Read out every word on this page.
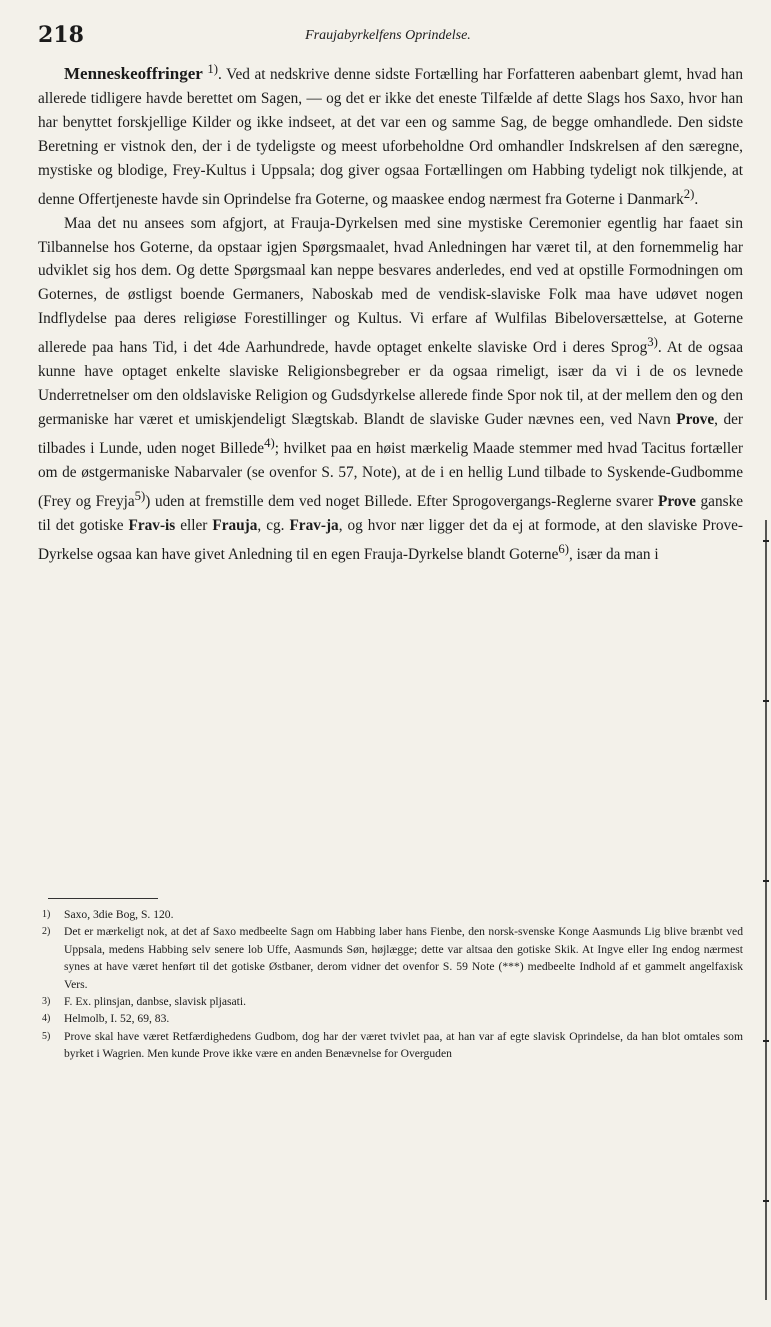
218	Fraujabyrkelfens Oprindelse.

Menneskeoffringer $^{1)}$. Ved at nedskrive denne sidste Fortælling har Forfatteren aabenbart glemt, hvad han allerede tidligere havde berettet om Sagen, — og det er ikke det eneste Tilfælde af dette Slags hos Saxo, hvor han har benyttet forskjellige Kilder og ikke indseet, at det var een og samme Sag, de begge omhandlede. Den sidste Beretning er vistnok den, der i de tydeligste og meest uforbeholdne Ord omhandler Indskrelsen af den særegne, mystiske og blodige, Frey-Kultus i Uppsala; dog giver ogsaa Fortællingen om Habbing tydeligt nok tilkjende, at denne Offertjeneste havde sin Oprindelse fra Goterne, og maaskee endog nærmest fra Goterne i Danmark$^{2)}$.

Maa det nu ansees som afgjort, at Frauja-Dyrkelsen med sine mystiske Ceremonier egentlig har faaet sin Tilbannelse hos Goterne, da opstaar igjen Spørgsmaalet, hvad Anledningen har været til, at den fornemmelig har udviklet sig hos dem. Og dette Spørgsmaal kan neppe besvares anderledes, end ved at opstille Formodningen om Goternes, de østligst boende Germaners, Naboskab med de vendisk-slaviske Folk maa have udøvet nogen Indflydelse paa deres religiøse Forestillinger og Kultus. Vi erfare af Wulfilas Bibeloversættelse, at Goterne allerede paa hans Tid, i det 4de Aarhundrede, havde optaget enkelte slaviske Ord i deres Sprog$^{3)}$. At de ogsaa kunne have optaget enkelte slaviske Religionsbegreber er da ogsaa rimeligt, især da vi i de os levnede Underretnelser om den oldslaviske Religion og Gudsdyrkelse allerede finde Spor nok til, at der mellem den og den germaniske har været et umiskjendeligt Slægtskab. Blandt de slaviske Guder nævnes een, ved Navn Prove, der tilbades i Lunde, uden noget Billede$^{4)}$; hvilket paa en høist mærkelig Maade stemmer med hvad Tacitus fortæller om de østgermaniske Nabarvaler (se ovenfor S. 57, Note), at de i en hellig Lund tilbade to Syskende-Gudbomme (Frey og Freyja$^{5)}$) uden at fremstille dem ved noget Billede. Efter Sprogovergangs-Reglerne svarer Prove ganske til det gotiske Frav-is eller Frauja, cg. Frav-ja, og hvor nær ligger det da ej at formode, at den slaviske Prove-Dyrkelse ogsaa kan have givet Anledning til en egen Frauja-Dyrkelse blandt Goterne$^{6)}$, især da man i

1) Saxo, 3die Bog, S. 120.

2) Det er mærkeligt nok, at det af Saxo medbeelte Sagn om Habbing laber hans Fienbe, den norsk-svenske Konge Aasmunds Lig blive brænbt ved Uppsala, medens Habbing selv senere lob Uffe, Aasmunds Søn, højlægge; dette var altsaa den gotiske Skik. At Ingve eller Ing endog nærmest synes at have været henført til det gotiske Østbaner, derom vidner det ovenfor S. 59 Note (***) medbeelte Indhold af et gammelt angelfaxisk Vers.

3) F. Ex. plinsjan, danbse, slavisk pljasati.

4) Helmolb, I. 52, 69, 83.

5) Prove skal have været Retfærdighedens Gudbom, dog har der været tvivlet paa, at han var af egte slavisk Oprindelse, da han blot omtales som byrket i Wagrien. Men kunde Prove ikke være en anden Benævnelse for Overguden
